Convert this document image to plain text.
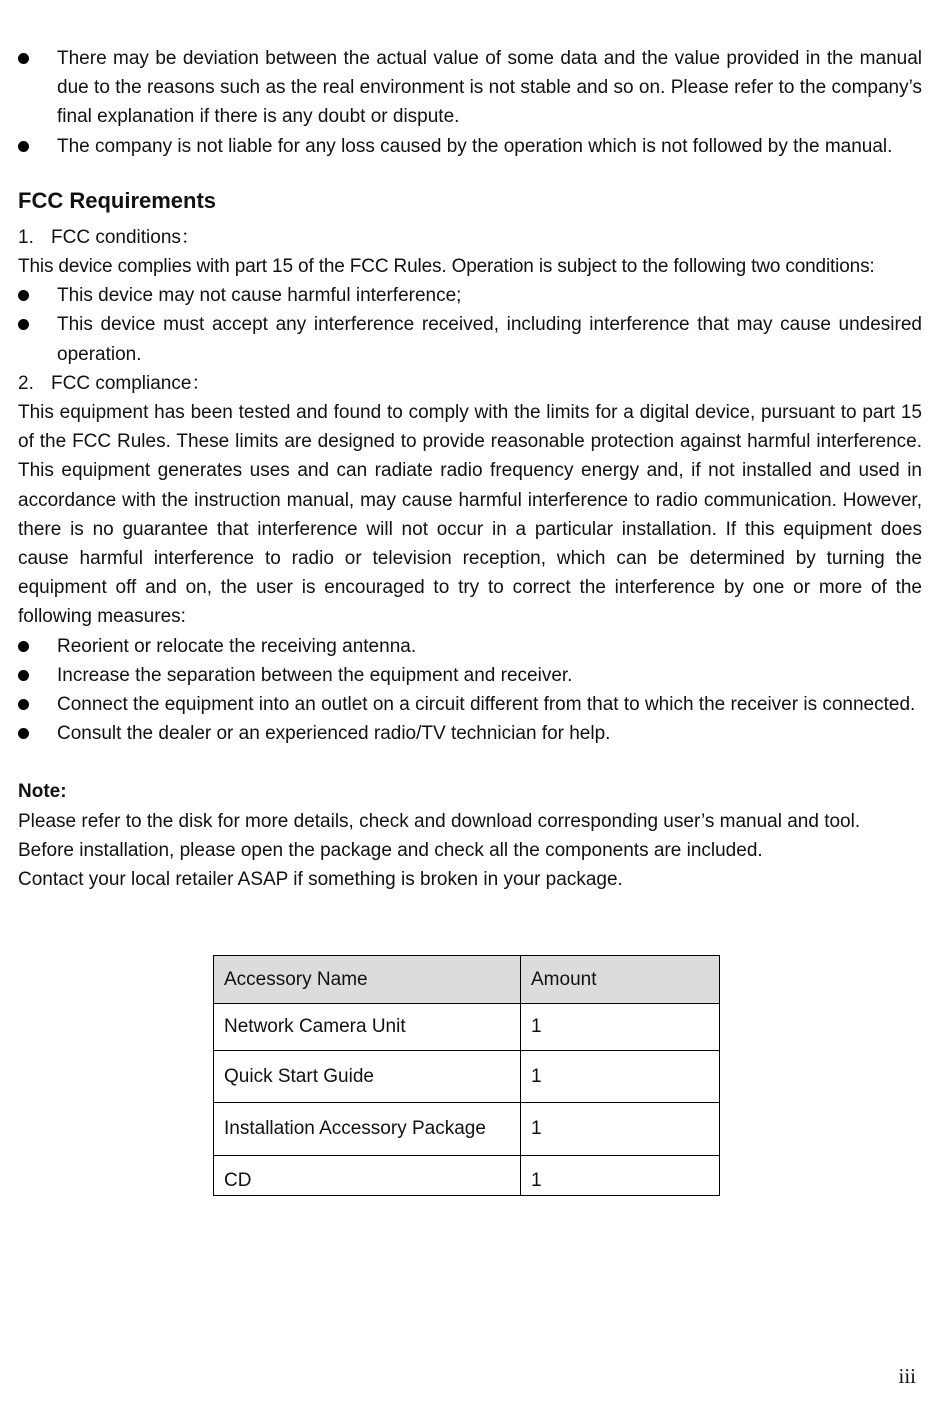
There may be deviation between the actual value of some data and the value provided in the manual due to the reasons such as the real environment is not stable and so on. Please refer to the company’s final explanation if there is any doubt or dispute.
The company is not liable for any loss caused by the operation which is not followed by the manual.
FCC Requirements

1. FCC conditions：

This device complies with part 15 of the FCC Rules. Operation is subject to the following two conditions:

This device may not cause harmful interference;
This device must accept any interference received, including interference that may cause undesired operation.

2. FCC compliance：

This equipment has been tested and found to comply with the limits for a digital device, pursuant to part 15 of the FCC Rules. These limits are designed to provide reasonable protection against harmful interference. This equipment generates uses and can radiate radio frequency energy and, if not installed and used in accordance with the instruction manual, may cause harmful interference to radio communication. However, there is no guarantee that interference will not occur in a particular installation. If this equipment does cause harmful interference to radio or television reception, which can be determined by turning the equipment off and on, the user is encouraged to try to correct the interference by one or more of the following measures:

Reorient or relocate the receiving antenna.
Increase the separation between the equipment and receiver.
Connect the equipment into an outlet on a circuit different from that to which the receiver is connected.
Consult the dealer or an experienced radio/TV technician for help.

Note:

Please refer to the disk for more details, check and download corresponding user’s manual and tool.

Before installation, please open the package and check all the components are included.

Contact your local retailer ASAP if something is broken in your package.

Accessory Name	Amount
Network Camera Unit	1
Quick Start Guide	1
Installation Accessory Package	1
CD	1
iii
